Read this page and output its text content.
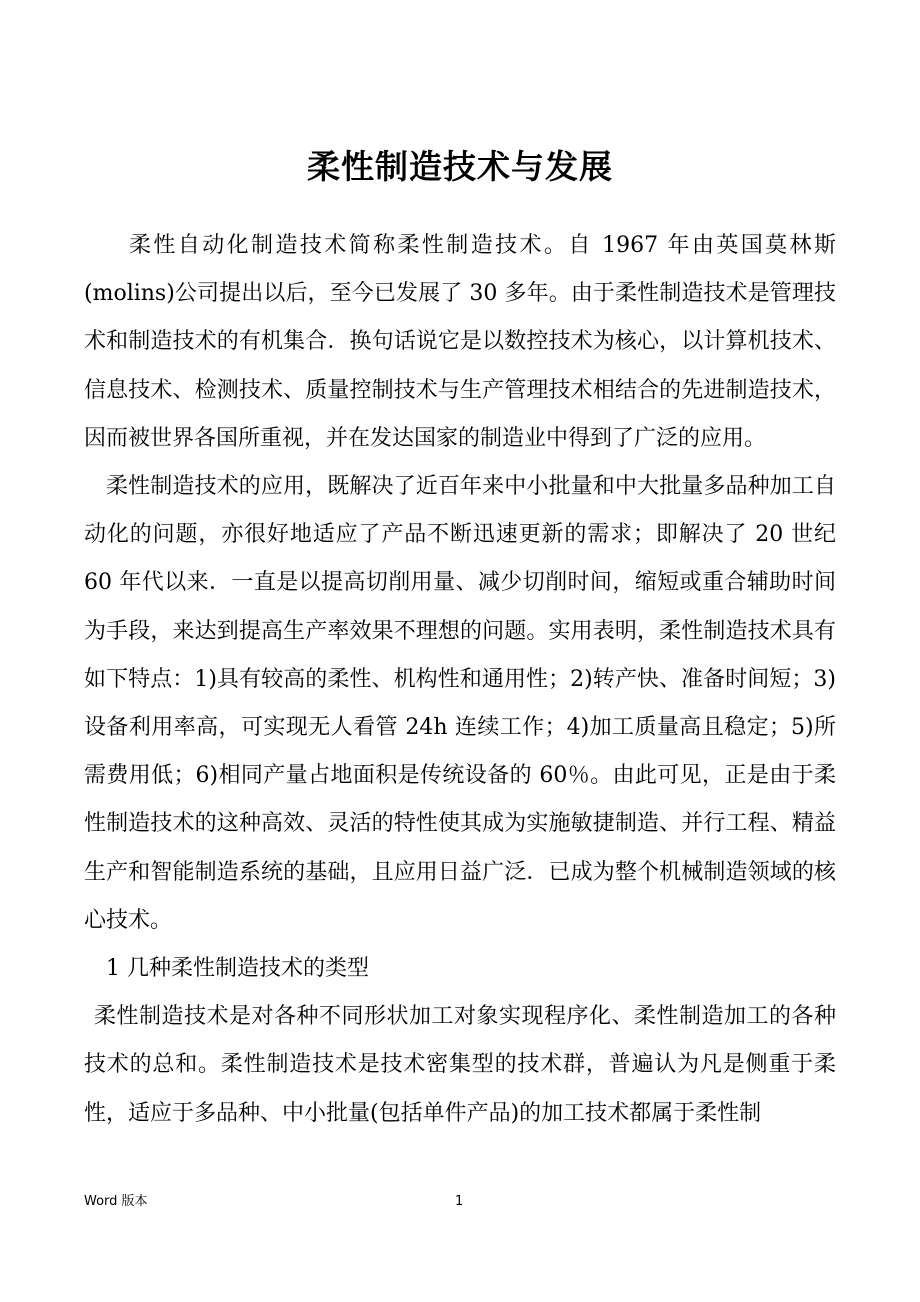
柔性制造技术与发展

柔性自动化制造技术简称柔性制造技术。自 1967 年由英国莫林斯(molins)公司提出以后，至今已发展了 30 多年。由于柔性制造技术是管理技术和制造技术的有机集合．换句话说它是以数控技术为核心，以计算机技术、信息技术、检测技术、质量控制技术与生产管理技术相结合的先进制造技术，因而被世界各国所重视，并在发达国家的制造业中得到了广泛的应用。

柔性制造技术的应用，既解决了近百年来中小批量和中大批量多品种加工自动化的问题，亦很好地适应了产品不断迅速更新的需求；即解决了 20 世纪 60 年代以来．一直是以提高切削用量、减少切削时间，缩短或重合辅助时间为手段，来达到提高生产率效果不理想的问题。实用表明，柔性制造技术具有如下特点：1)具有较高的柔性、机构性和通用性；2)转产快、准备时间短；3)设备利用率高，可实现无人看管 24h 连续工作；4)加工质量高且稳定；5)所需费用低；6)相同产量占地面积是传统设备的 60％。由此可见，正是由于柔性制造技术的这种高效、灵活的特性使其成为实施敏捷制造、并行工程、精益生产和智能制造系统的基础，且应用日益广泛．已成为整个机械制造领域的核心技术。

1 几种柔性制造技术的类型

柔性制造技术是对各种不同形状加工对象实现程序化、柔性制造加工的各种技术的总和。柔性制造技术是技术密集型的技术群，普遍认为凡是侧重于柔性，适应于多品种、中小批量(包括单件产品)的加工技术都属于柔性制

Word 版本	1
